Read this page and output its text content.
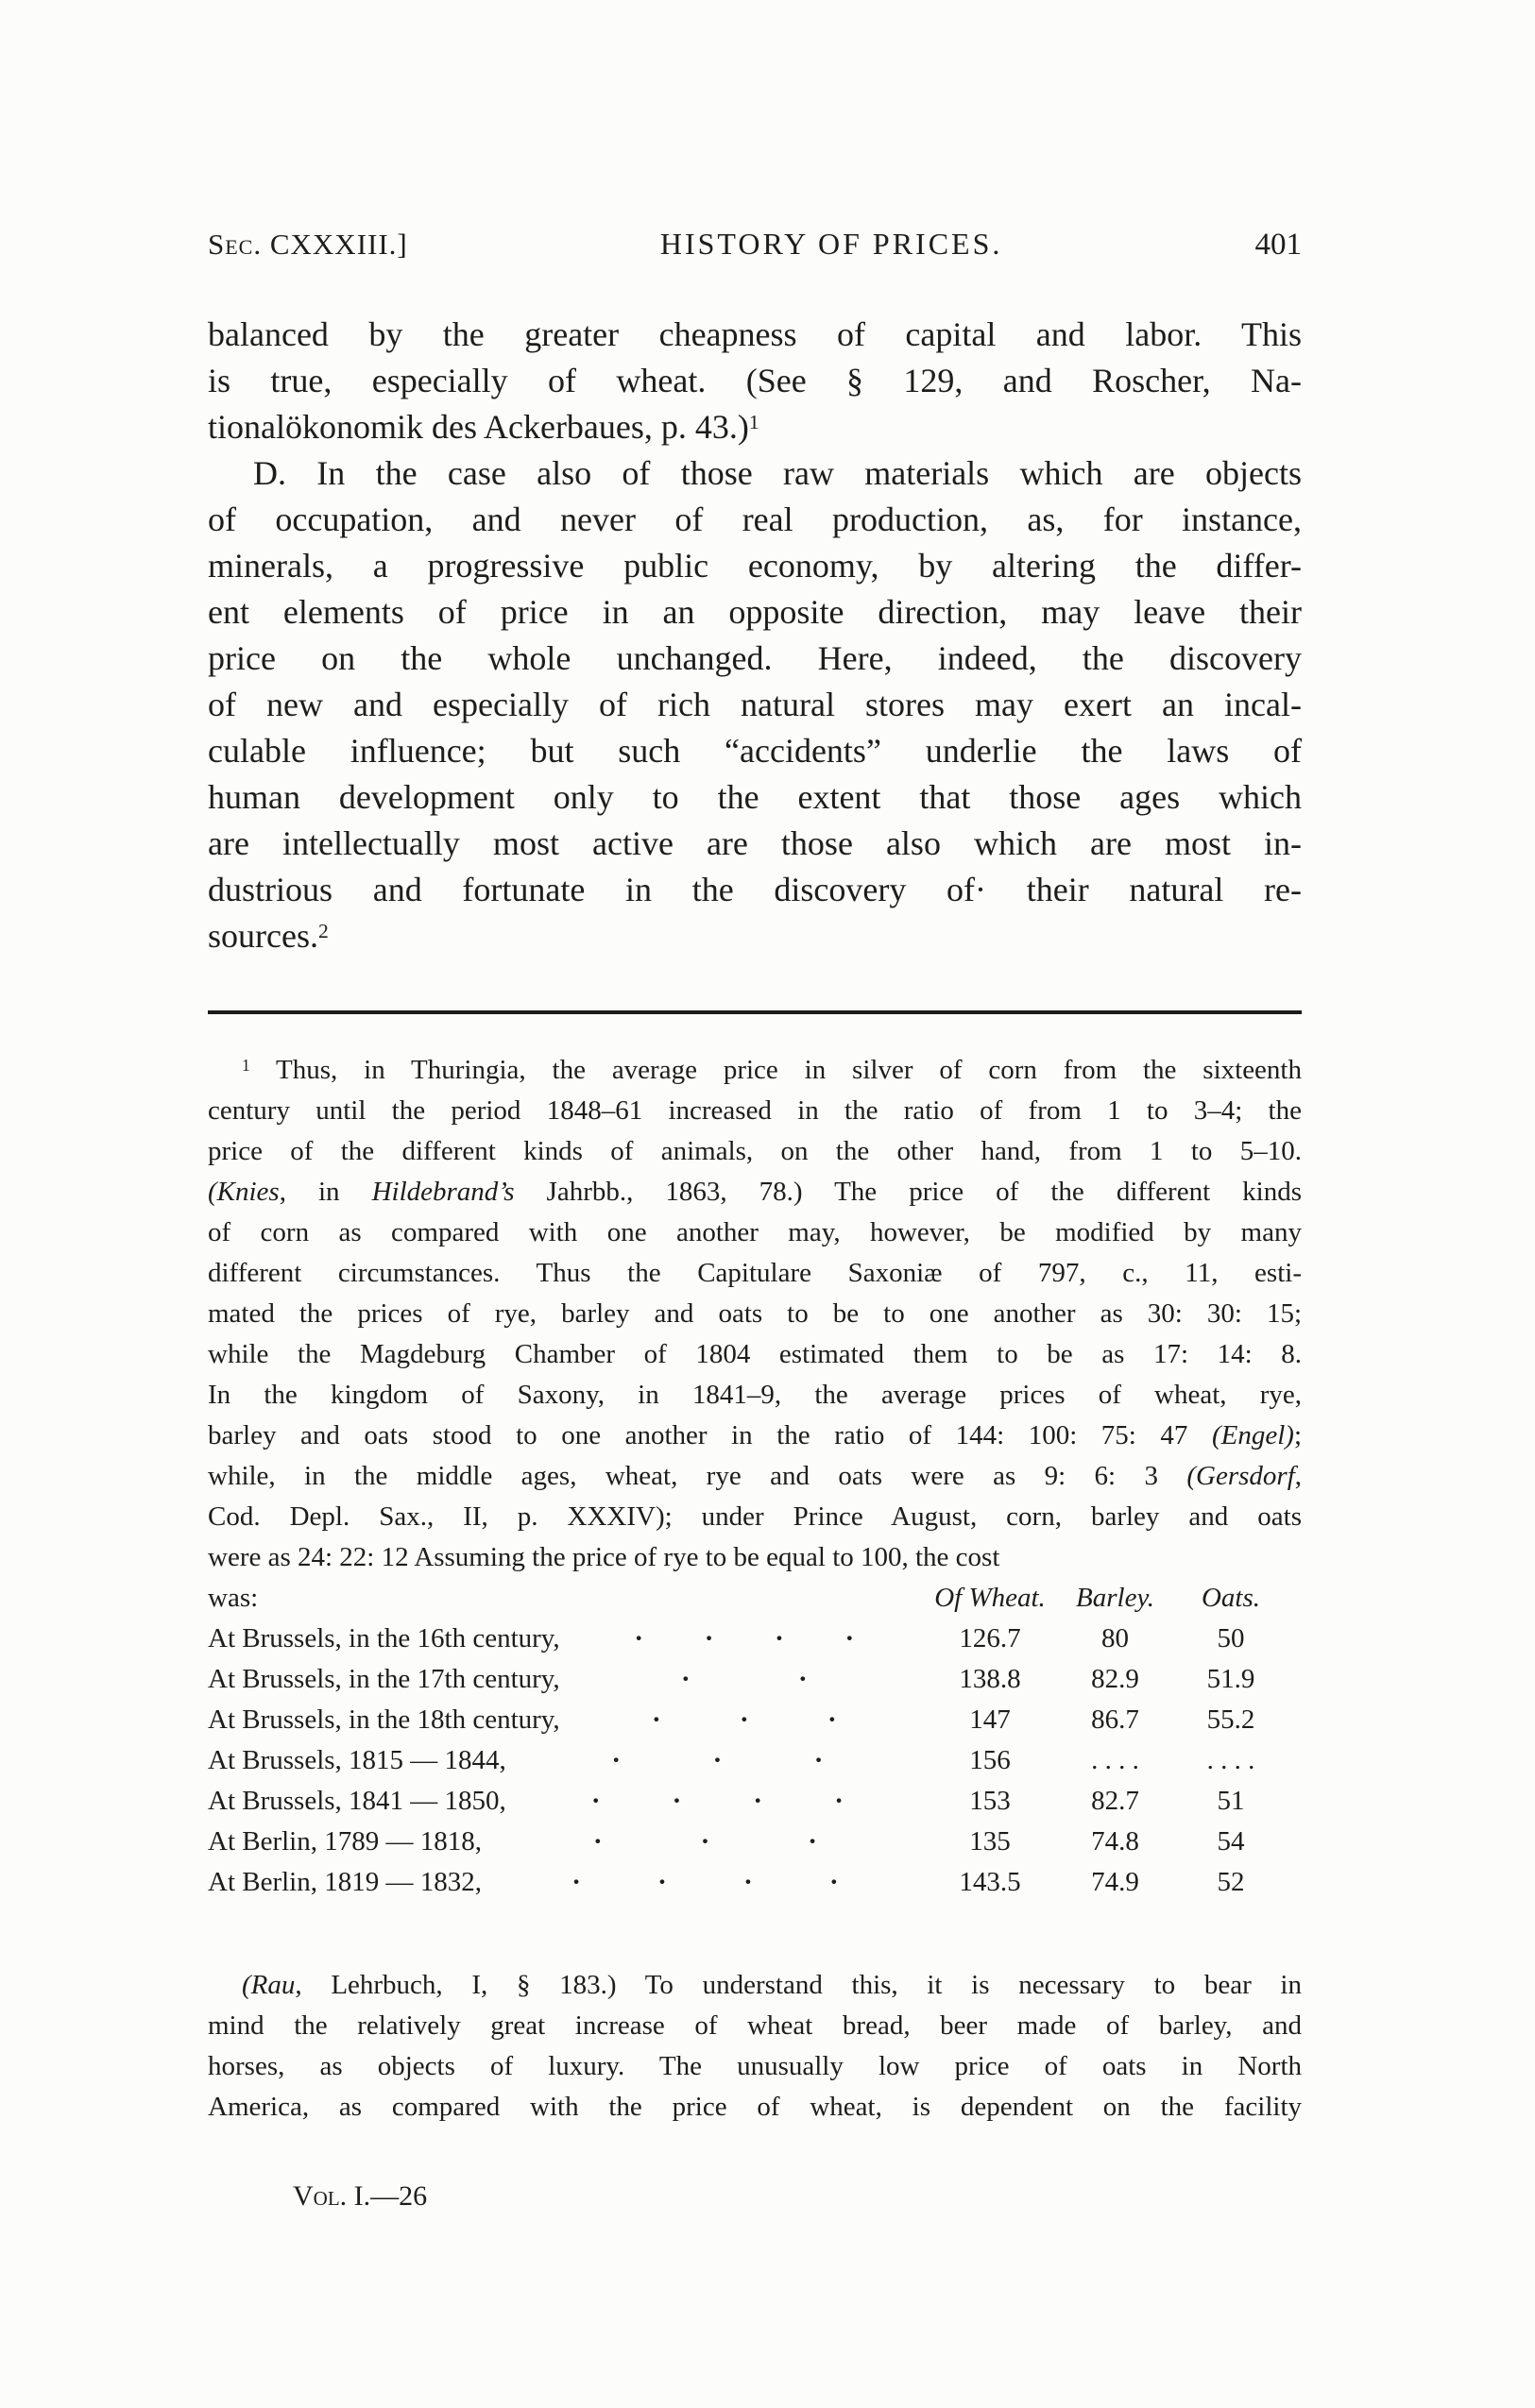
Sec. CXXXIII.]	HISTORY OF PRICES.	401
balanced by the greater cheapness of capital and labor. This
is true, especially of wheat. (See § 129, and Roscher, Na-
tionalökonomik des Ackerbaues, p. 43.)$^1$
D. In the case also of those raw materials which are objects
of occupation, and never of real production, as, for instance,
minerals, a progressive public economy, by altering the differ-
ent elements of price in an opposite direction, may leave their
price on the whole unchanged. Here, indeed, the discovery
of new and especially of rich natural stores may exert an incal-
culable influence; but such “accidents” underlie the laws of
human development only to the extent that those ages which
are intellectually most active are those also which are most in-
dustrious and fortunate in the discovery of· their natural re-
sources.$^2$
$^1$ Thus, in Thuringia, the average price in silver of corn from the sixteenth
century until the period 1848–61 increased in the ratio of from 1 to 3–4; the
price of the different kinds of animals, on the other hand, from 1 to 5–10.
(Knies, in Hildebrand’s Jahrbb., 1863, 78.) The price of the different kinds
of corn as compared with one another may, however, be modified by many
different circumstances. Thus the Capitulare Saxoniæ of 797, c., 11, esti-
mated the prices of rye, barley and oats to be to one another as 30: 30: 15;
while the Magdeburg Chamber of 1804 estimated them to be as 17: 14: 8.
In the kingdom of Saxony, in 1841–9, the average prices of wheat, rye,
barley and oats stood to one another in the ratio of 144: 100: 75: 47 (Engel);
while, in the middle ages, wheat, rye and oats were as 9: 6: 3 (Gersdorf,
Cod. Depl. Sax., II, p. XXXIV); under Prince August, corn, barley and oats
were as 24: 22: 12 Assuming the price of rye to be equal to 100, the cost
was:	Of Wheat.	Barley.	Oats.
At Brussels, in the 16th century,	· · · ·	126.7	80	50
At Brussels, in the 17th century,	·	·	138.8	82.9	51.9
At Brussels, in the 18th century,	·	·	·	147	86.7	55.2
At Brussels, 1815 — 1844,	·	·	·	156	. . . .	. . . .
At Brussels, 1841 — 1850,	·	·	·	·	153	82.7	51
At Berlin, 1789 — 1818,	·	·	·	135	74.8	54
At Berlin, 1819 — 1832,	·	·	·	·	143.5	74.9	52
(Rau, Lehrbuch, I, § 183.) To understand this, it is necessary to bear in
mind the relatively great increase of wheat bread, beer made of barley, and
horses, as objects of luxury. The unusually low price of oats in North
America, as compared with the price of wheat, is dependent on the facility
Vol. I.—26
